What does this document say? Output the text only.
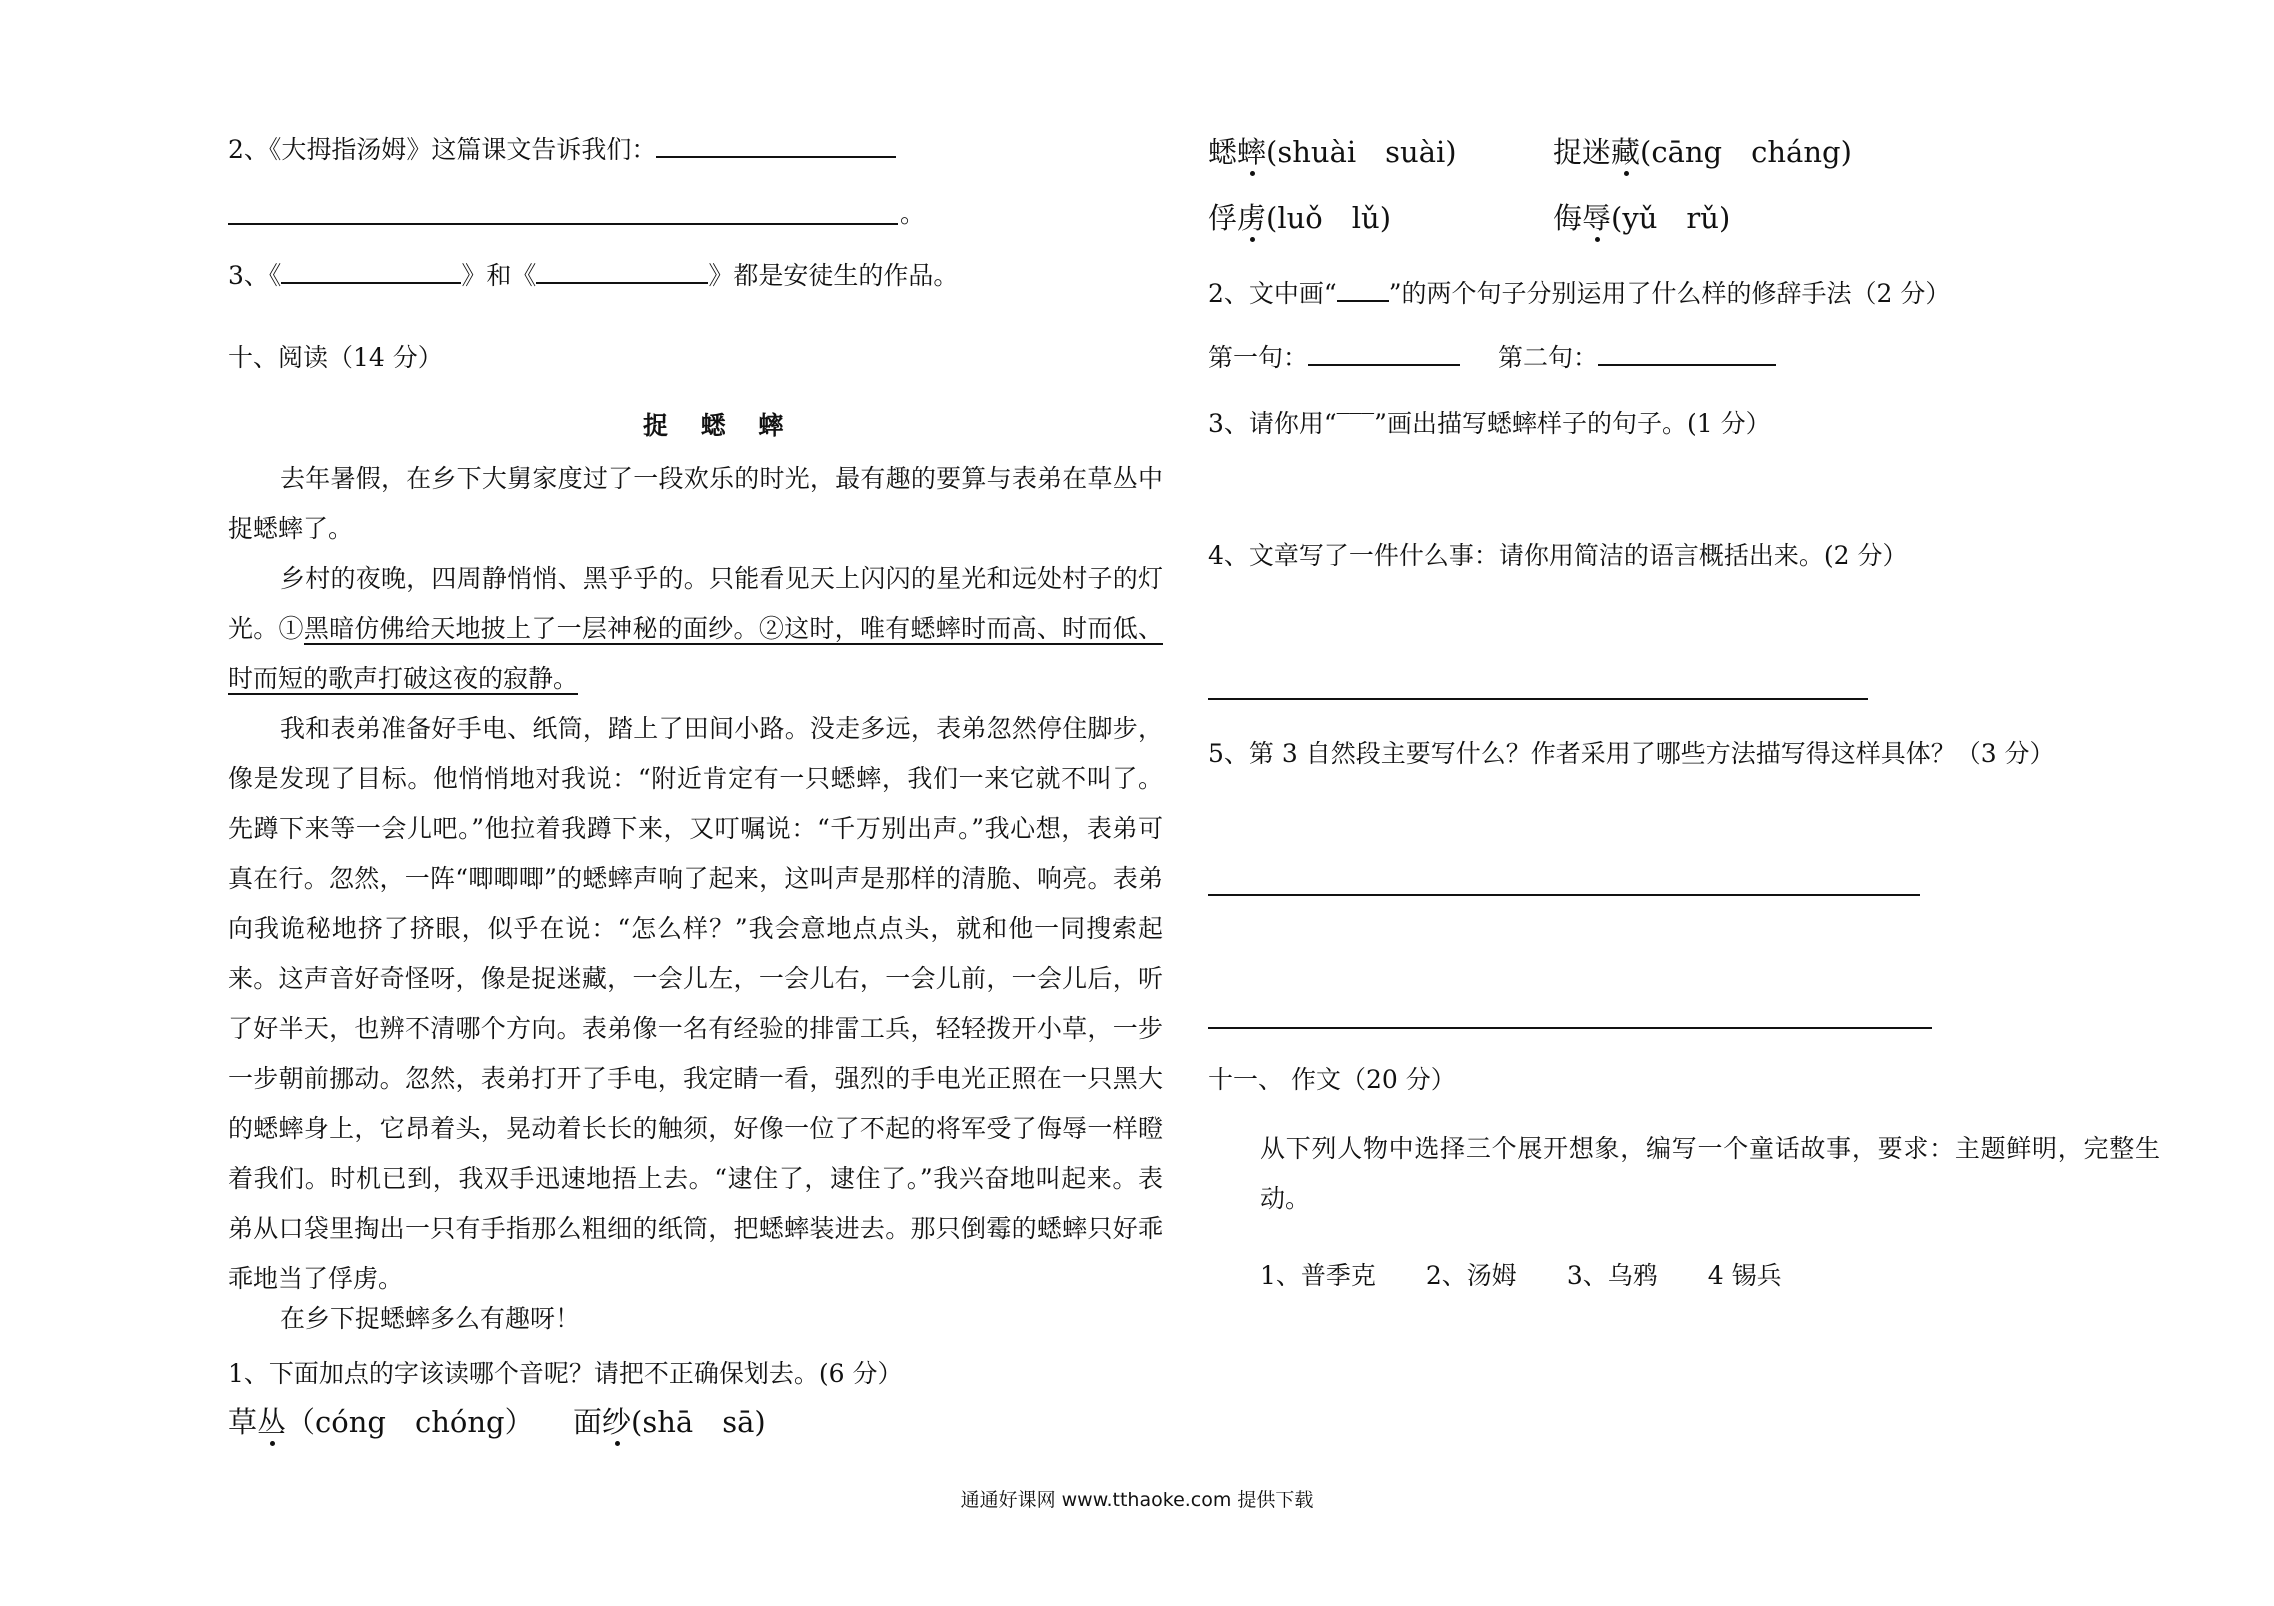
2、《大拇指汤姆》这篇课文告诉我们：
。
3、《	》和《	》都是安徒生的作品。
十、阅读（14 分）
捉 蟋 蟀
去年暑假，在乡下大舅家度过了一段欢乐的时光，最有趣的要算与表弟在草丛中捉蟋蟀了。
乡村的夜晚，四周静悄悄、黑乎乎的。只能看见天上闪闪的星光和远处村子的灯光。①黑暗仿佛给天地披上了一层神秘的面纱。②这时，唯有蟋蟀时而高、时而低、时而短的歌声打破这夜的寂静。
我和表弟准备好手电、纸筒，踏上了田间小路。没走多远，表弟忽然停住脚步，像是发现了目标。他悄悄地对我说：“附近肯定有一只蟋蟀，我们一来它就不叫了。先蹲下来等一会儿吧。”他拉着我蹲下来，又叮嘱说：“千万别出声。”我心想，表弟可真在行。忽然，一阵“唧唧唧”的蟋蟀声响了起来，这叫声是那样的清脆、响亮。表弟向我诡秘地挤了挤眼，似乎在说：“怎么样？”我会意地点点头，就和他一同搜索起来。这声音好奇怪呀，像是捉迷藏，一会儿左，一会儿右，一会儿前，一会儿后，听了好半天，也辨不清哪个方向。表弟像一名有经验的排雷工兵，轻轻拨开小草，一步一步朝前挪动。忽然，表弟打开了手电，我定睛一看，强烈的手电光正照在一只黑大的蟋蟀身上，它昂着头，晃动着长长的触须，好像一位了不起的将军受了侮辱一样瞪着我们。时机已到，我双手迅速地捂上去。“逮住了，逮住了。”我兴奋地叫起来。表弟从口袋里掏出一只有手指那么粗细的纸筒，把蟋蟀装进去。那只倒霉的蟋蟀只好乖乖地当了俘虏。
在乡下捉蟋蟀多么有趣呀！
1、下面加点的字该读哪个音呢？请把不正确保划去。(6 分）
草丛（cóng　chóng） 面纱(shā　sā)
蟋蟀(shuài　suài)	捉迷藏(cāng　cháng)
俘虏(luǒ　lǔ)	侮辱(yǔ　rǔ)
2、文中画“ ”的两个句子分别运用了什么样的修辞手法（2 分）
第一句：	第二句：
3、请你用“‾‾‾”画出描写蟋蟀样子的句子。(1 分）
4、文章写了一件什么事：请你用简洁的语言概括出来。(2 分）
5、第 3 自然段主要写什么？作者采用了哪些方法描写得这样具体？（3 分）
十一、 作文（20 分）
从下列人物中选择三个展开想象，编写一个童话故事，要求：主题鲜明，完整生动。
1、普季克　　2、汤姆　　3、乌鸦　　4 锡兵
通通好课网 www.tthaoke.com 提供下载
